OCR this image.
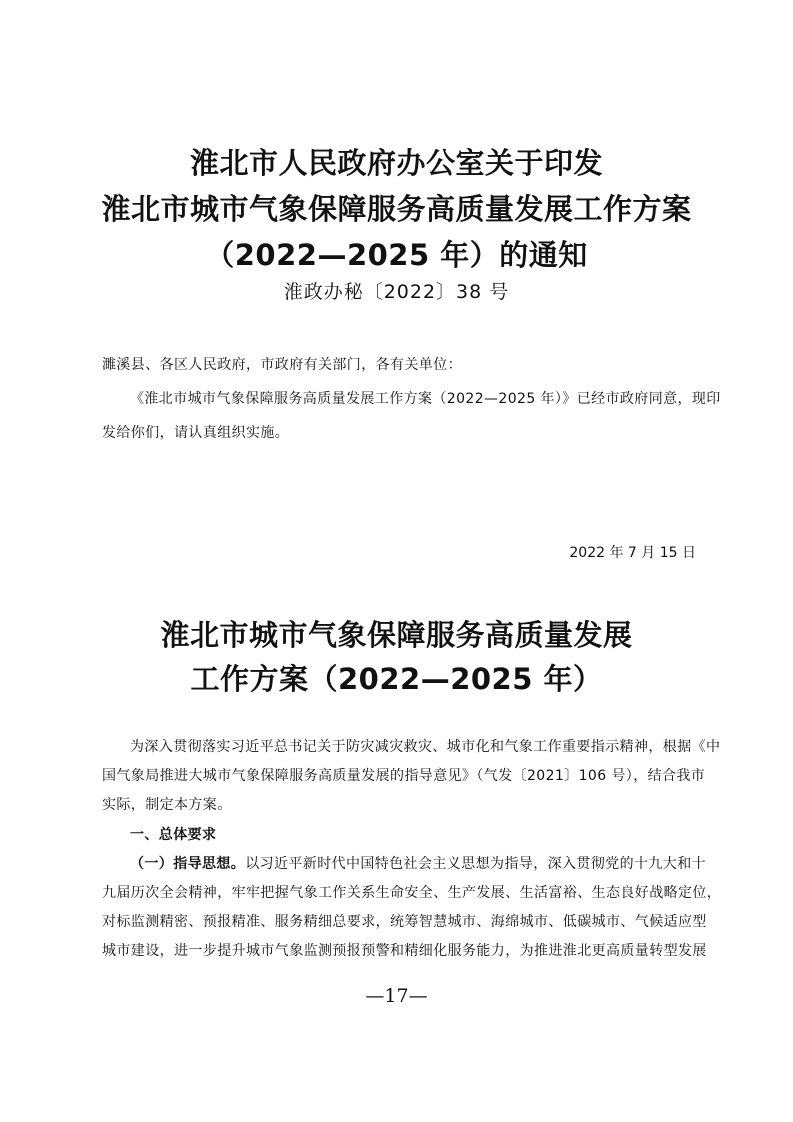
淮北市人民政府办公室关于印发
淮北市城市气象保障服务高质量发展工作方案
（2022—2025 年）的通知
淮政办秘〔2022〕38 号
濉溪县、各区人民政府，市政府有关部门，各有关单位：
《淮北市城市气象保障服务高质量发展工作方案（2022—2025 年）》已经市政府同意，现印
发给你们，请认真组织实施。
2022 年 7 月 15 日
淮北市城市气象保障服务高质量发展
工作方案（2022—2025 年）
为深入贯彻落实习近平总书记关于防灾减灾救灾、城市化和气象工作重要指示精神，根据《中
国气象局推进大城市气象保障服务高质量发展的指导意见》（气发〔2021〕106 号），结合我市
实际，制定本方案。
一、总体要求
（一）指导思想。以习近平新时代中国特色社会主义思想为指导，深入贯彻党的十九大和十
九届历次全会精神，牢牢把握气象工作关系生命安全、生产发展、生活富裕、生态良好战略定位，
对标监测精密、预报精准、服务精细总要求，统筹智慧城市、海绵城市、低碳城市、气候适应型
城市建设，进一步提升城市气象监测预报预警和精细化服务能力，为推进淮北更高质量转型发展
—17—
